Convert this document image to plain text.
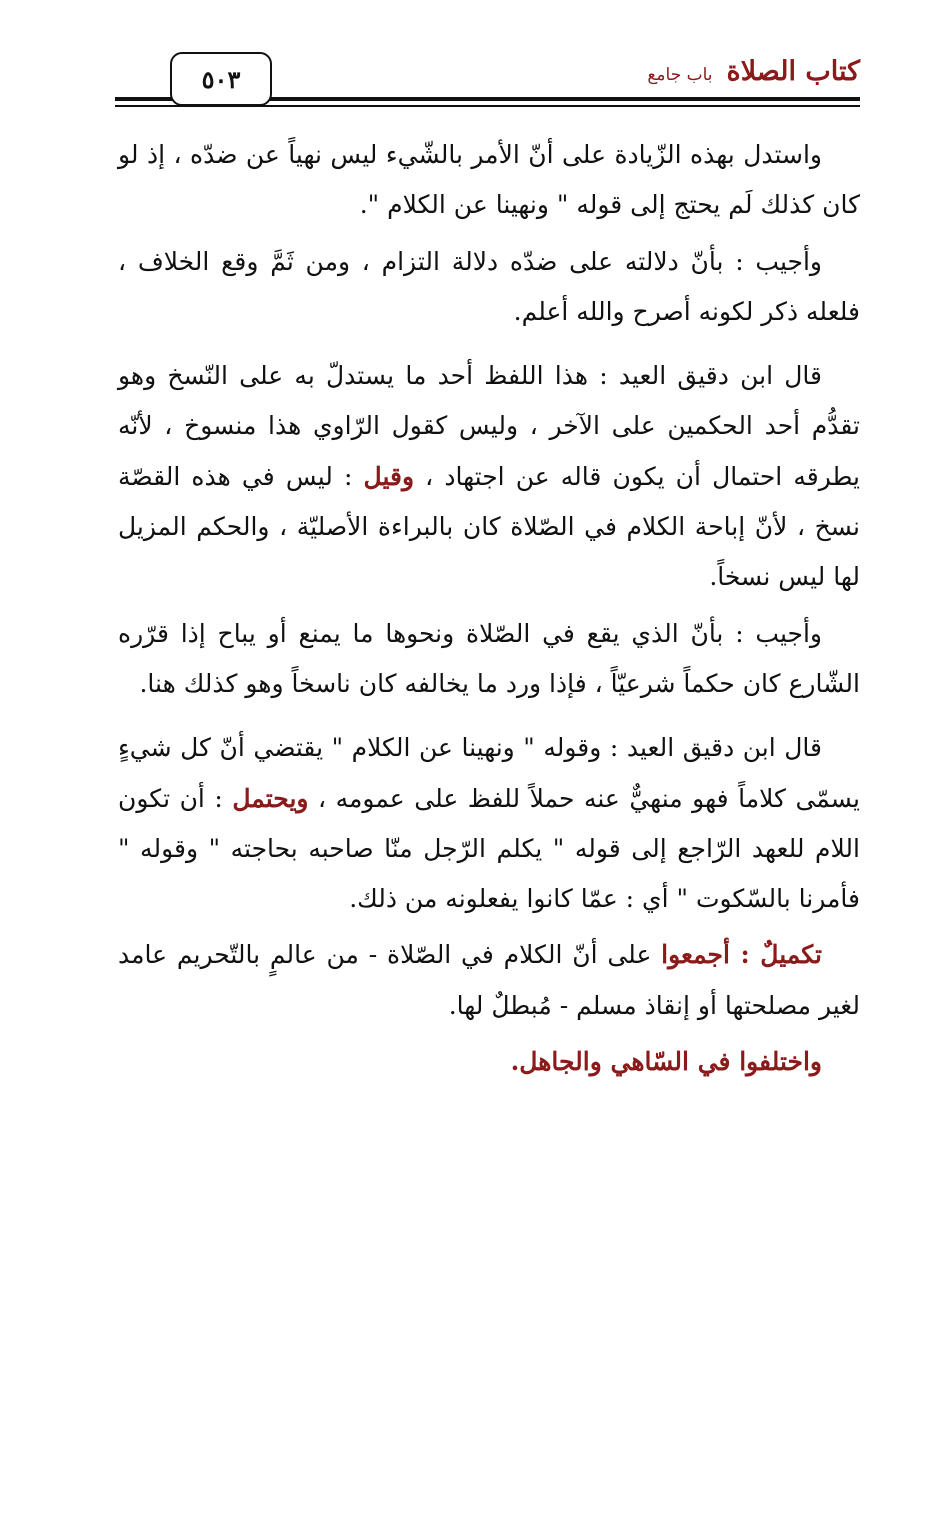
٥٠٣	كتاب الصلاة
باب جامع

واستدل بهذه الزّيادة على أنّ الأمر بالشّيء ليس نهياً عن ضدّه ، إذ لو كان كذلك لَم يحتج إلى قوله " ونهينا عن الكلام ".

وأجيب : بأنّ دلالته على ضدّه دلالة التزام ، ومن ثَمَّ وقع الخلاف ، فلعله ذكر لكونه أصرح والله أعلم.

قال ابن دقيق العيد : هذا اللفظ أحد ما يستدلّ به على النّسخ وهو تقدُّم أحد الحكمين على الآخر ، وليس كقول الرّاوي هذا منسوخ ، لأنّه يطرقه احتمال أن يكون قاله عن اجتهاد ، وقيل : ليس في هذه القصّة نسخ ، لأنّ إباحة الكلام في الصّلاة كان بالبراءة الأصليّة ، والحكم المزيل لها ليس نسخاً.

وأجيب : بأنّ الذي يقع في الصّلاة ونحوها ما يمنع أو يباح إذا قرّره الشّارع كان حكماً شرعيّاً ، فإذا ورد ما يخالفه كان ناسخاً وهو كذلك هنا.

قال ابن دقيق العيد : وقوله " ونهينا عن الكلام " يقتضي أنّ كل شيءٍ يسمّى كلاماً فهو منهيٌّ عنه حملاً للفظ على عمومه ، ويحتمل : أن تكون اللام للعهد الرّاجع إلى قوله " يكلم الرّجل منّا صاحبه بحاجته " وقوله " فأمرنا بالسّكوت " أي : عمّا كانوا يفعلونه من ذلك.

تكميلٌ : أجمعوا على أنّ الكلام في الصّلاة - من عالمٍ بالتّحريم عامد لغير مصلحتها أو إنقاذ مسلم - مُبطلٌ لها.

واختلفوا في السّاهي والجاهل.
